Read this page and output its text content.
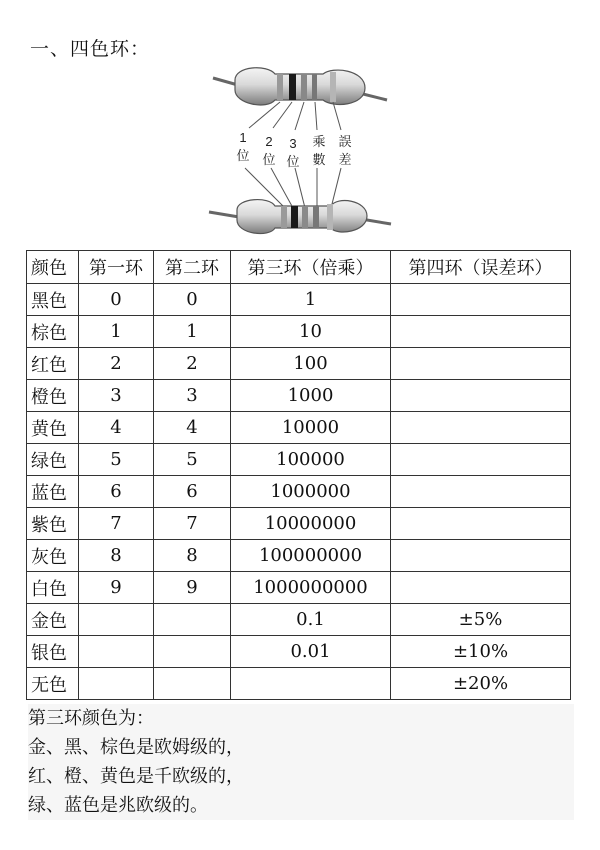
一、四色环：
1
位
2
位
3
位
乘
數
誤
差
颜色	第一环	第二环	第三环（倍乘）	第四环（误差环）
黑色	0	0	1	
棕色	1	1	10	
红色	2	2	100	
橙色	3	3	1000	
黄色	4	4	10000	
绿色	5	5	100000	
蓝色	6	6	1000000	
紫色	7	7	10000000	
灰色	8	8	100000000	
白色	9	9	1000000000	
金色			0.1	±5%
银色			0.01	±10%
无色				±20%
第三环颜色为：
金、黑、棕色是欧姆级的，
红、橙、黄色是千欧级的，
绿、蓝色是兆欧级的。
